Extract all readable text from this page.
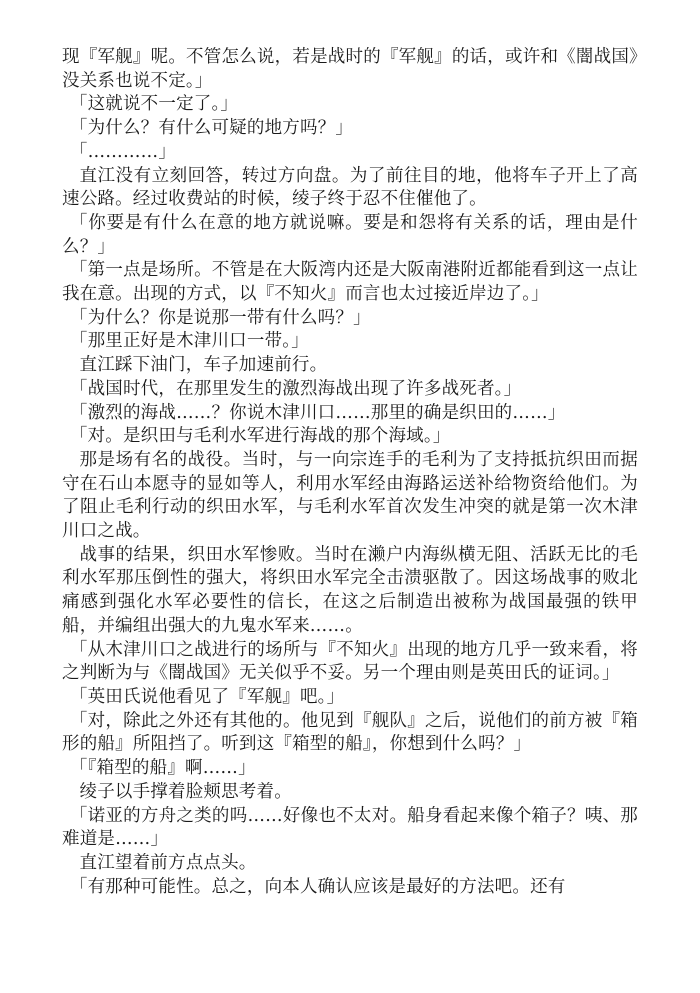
现『军舰』呢。不管怎么说，若是战时的『军舰』的话，或许和《闇战国》没关系也说不定。」

「这就说不一定了。」

「为什么？有什么可疑的地方吗？」

「…………」

直江没有立刻回答，转过方向盘。为了前往目的地，他将车子开上了高速公路。经过收费站的时候，绫子终于忍不住催他了。

「你要是有什么在意的地方就说嘛。要是和怨将有关系的话，理由是什么？」

「第一点是场所。不管是在大阪湾内还是大阪南港附近都能看到这一点让我在意。出现的方式，以『不知火』而言也太过接近岸边了。」

「为什么？你是说那一带有什么吗？」

「那里正好是木津川口一带。」

直江踩下油门，车子加速前行。

「战国时代，在那里发生的激烈海战出现了许多战死者。」

「激烈的海战……？你说木津川口……那里的确是织田的……」

「对。是织田与毛利水军进行海战的那个海域。」

那是场有名的战役。当时，与一向宗连手的毛利为了支持抵抗织田而据守在石山本愿寺的显如等人，利用水军经由海路运送补给物资给他们。为了阻止毛利行动的织田水军，与毛利水军首次发生冲突的就是第一次木津川口之战。

战事的结果，织田水军惨败。当时在濑户内海纵横无阻、活跃无比的毛利水军那压倒性的强大，将织田水军完全击溃驱散了。因这场战事的败北痛感到强化水军必要性的信长，在这之后制造出被称为战国最强的铁甲船，并编组出强大的九鬼水军来……。

「从木津川口之战进行的场所与『不知火』出现的地方几乎一致来看，将之判断为与《闇战国》无关似乎不妥。另一个理由则是英田氏的证词。」

「英田氏说他看见了『军舰』吧。」

「对，除此之外还有其他的。他见到『舰队』之后，说他们的前方被『箱形的船』所阻挡了。听到这『箱型的船』，你想到什么吗？」

「『箱型的船』啊……」

绫子以手撑着脸颊思考着。

「诺亚的方舟之类的吗……好像也不太对。船身看起来像个箱子？咦、那难道是……」

直江望着前方点点头。

「有那种可能性。总之，向本人确认应该是最好的方法吧。还有
